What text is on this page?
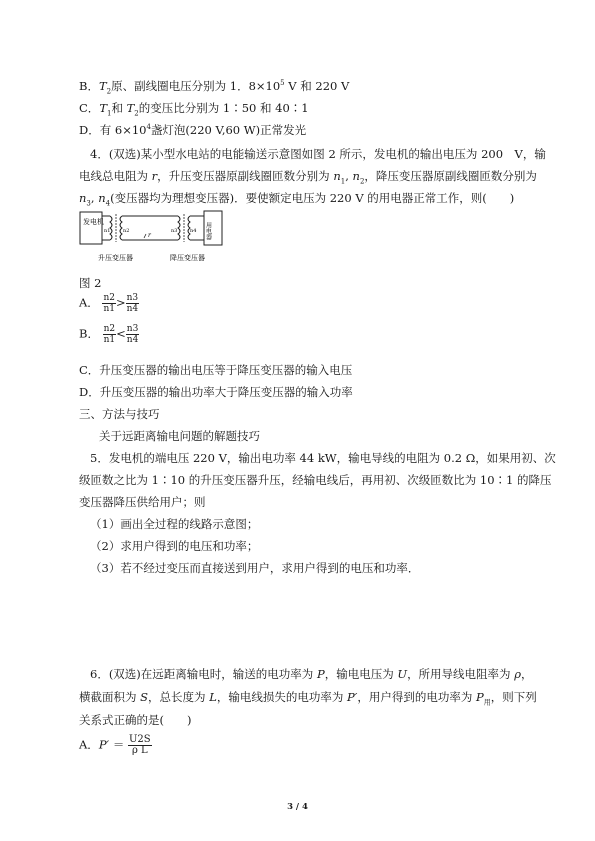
B．$T_2$原、副线圈电压分别为 1．$8\times 10^5$ V 和 220 V
C．$T_1$和 $T_2$的变压比分别为 1∶50 和 40∶1
D．有 $6\times 10^4$盏灯泡(220 V,60 W)正常发光
4．(双选)某小型水电站的电能输送示意图如图 2 所示，发电机的输出电压为 200　V，输
电线总电阻为 r，升压变压器原副线圈匝数分别为 $n_1$, $n_2$，降压变压器原副线圈匝数分别为
$n_3$, $n_4$(变压器均为理想变压器)．要使额定电压为 220 V 的用电器正常工作，则(　　)
发电机
n1	n2
r
n3	n4 用电器
升压变压器	降压变压器
图 2
A． $\frac{n2}{n1} > \frac{n3}{n4}$
B． $\frac{n2}{n1} < \frac{n3}{n4}$
C．升压变压器的输出电压等于降压变压器的输入电压
D．升压变压器的输出功率大于降压变压器的输入功率
三、方法与技巧
关于远距离输电问题的解题技巧
5．发电机的端电压 220 V，输出电功率 44 kW，输电导线的电阻为 0.2 Ω，如果用初、次
级匝数之比为 1∶10 的升压变压器升压，经输电线后，再用初、次级匝数比为 10∶1 的降压
变压器降压供给用户；则
（1）画出全过程的线路示意图；
（2）求用户得到的电压和功率；
（3）若不经过变压而直接送到用户，求用户得到的电压和功率．
6．(双选)在远距离输电时，输送的电功率为 P，输电电压为 U，所用导线电阻率为 ρ，
横截面积为 S，总长度为 L，输电线损失的电功率为 P′，用户得到的电功率为 $P_用$，则下列
关系式正确的是(　　)
A．$P' = \frac{U2S}{\text{ρ L}}$
3 / 4
